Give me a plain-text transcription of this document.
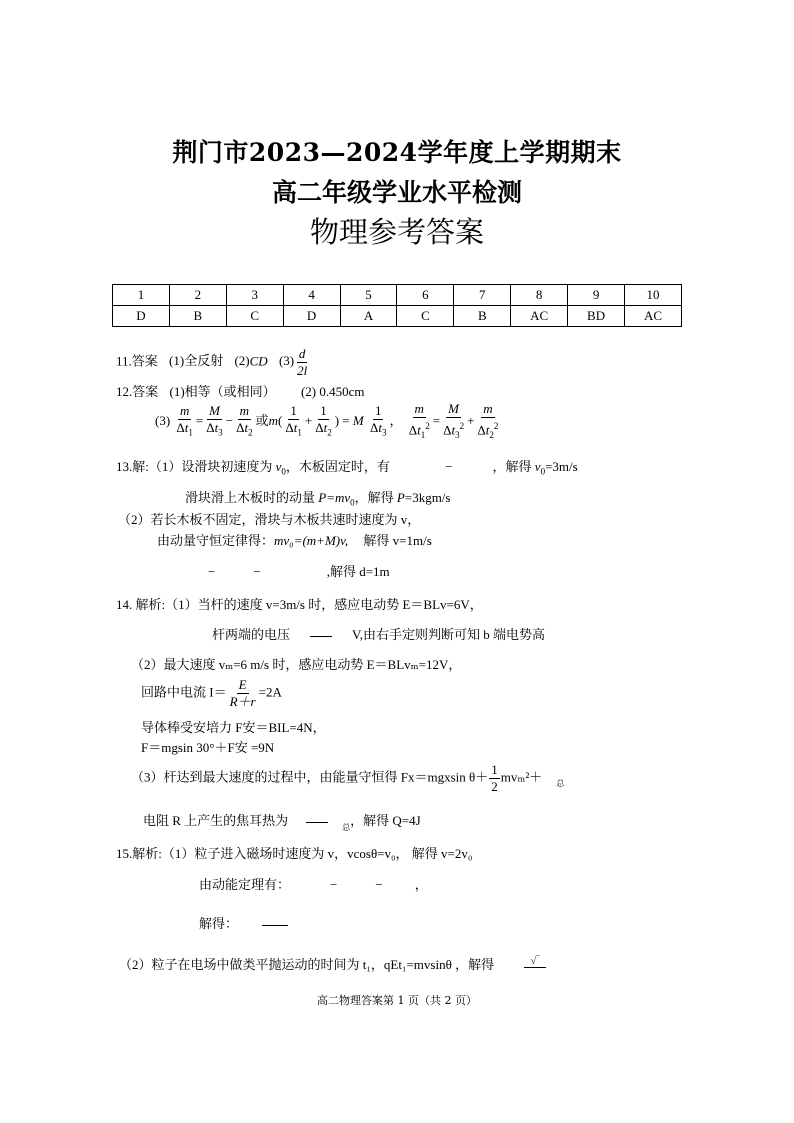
荆门市2023—2024学年度上学期期末
高二年级学业水平检测
物理参考答案
1	2	3	4	5	6	7	8	9	10
D	B	C	D	A	C	B	AC	BD	AC
11.答案 (1)全反射 (2)CD $(3) \frac{d}{2l}$
12.答案 (1)相等（或相同） (2) 0.450cm
$(3) \frac{m}{\Delta t_1} = \frac{M}{\Delta t_3} - \frac{m}{\Delta t_2}$ 或$m( \frac{1}{\Delta t_1} + \frac{1}{\Delta t_2}$ ) = M $\frac{1}{\Delta t_3}$ ， $\frac{m}{\Delta t_1^2} = \frac{M}{\Delta t_3^2} + \frac{m}{\Delta t_2^2}$
13.解:（1）设滑块初速度为 $v_0$，木板固定时，有	−	，解得 $v_0=3m/s$
滑块滑上木板时的动量 $P=mv_0$，解得 P=3kgm/s
（2）若长木板不固定，滑块与木板共速时速度为 v，
由动量守恒定律得：mv₀=(m+M)v, 解得 v=1m/s
−	−	,解得 d=1m
14. 解析:（1）当杆的速度 v=3m/s 时，感应电动势 E＝BLv=6V，
杆两端的电压	V,由右手定则判断可知 b 端电势高
（2）最大速度 vₘ=6 m/s 时，感应电动势 E＝BLvₘ=12V，
回路中电流 $I= \frac{E}{R+r} =2A$
导体棒受安培力 F安＝BIL=4N，
F＝mgsin 30°＋F安 =9N
（3）杆达到最大速度的过程中，由能量守恒得 Fx＝mgxsin $\theta+ \frac{1}{2} mv_m^2+ _总$
电阻 R 上产生的焦耳热为	$_总$，解得 Q=4J
15.解析:（1）粒子进入磁场时速度为 v，vcosθ=v₀， 解得 v=2v₀
由动能定理有：	−	− ，
解得：
（2）粒子在电场中做类平抛运动的时间为 t₁，qEt₁=mvsinθ ，解得	√‾
高二物理答案第 1 页（共 2 页）
